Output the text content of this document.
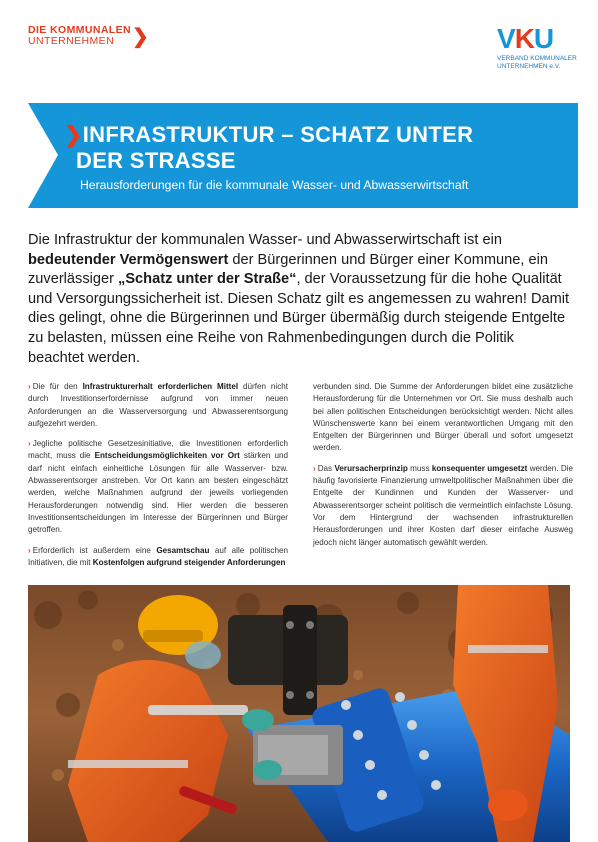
DIE KOMMUNALEN
UNTERNEHMEN ❯	VKU
VERBAND KOMMUNALER
UNTERNEHMEN e.V.
❯INFRASTRUKTUR – SCHATZ UNTER
DER STRASSE
Herausforderungen für die kommunale Wasser- und Abwasserwirtschaft
Die Infrastruktur der kommunalen Wasser- und Abwasserwirtschaft ist ein
bedeutender Vermögenswert der Bürgerinnen und Bürger einer Kommune, ein zuverlässiger „Schatz unter der Straße“, der Voraussetzung für die hohe Qualität und Versorgungssicherheit ist. Diesen Schatz gilt es angemessen zu wahren! Damit dies gelingt, ohne die Bürgerinnen und Bürger übermäßig durch steigende Entgelte zu belasten, müssen eine Reihe von Rahmenbedingungen durch die Politik beachtet werden.

› Die für den Infrastrukturerhalt erforderlichen Mittel dürfen nicht durch Investitionserfordernisse aufgrund von immer neuen Anforderungen an die Wasserversorgung und Abwasserentsorgung aufgezehrt werden.

› Jegliche politische Gesetzesinitiative, die Investitionen erforderlich macht, muss die Entscheidungsmöglichkeiten vor Ort stärken und darf nicht einfach einheitliche Lösungen für alle Wasserver- bzw. Abwasserentsorger anstreben. Vor Ort kann am besten eingeschätzt werden, welche Maßnahmen aufgrund der jeweils vorliegenden Herausforderungen notwendig sind. Hier werden die besseren Investitionsentscheidungen im Interesse der Bürgerinnen und Bürger getroffen.

› Erforderlich ist außerdem eine Gesamtschau auf alle politischen Initiativen, die mit Kostenfolgen aufgrund steigender Anforderungen

verbunden sind. Die Summe der Anforderungen bildet eine zusätzliche Herausforderung für die Unternehmen vor Ort. Sie muss deshalb auch bei allen politischen Entscheidungen berücksichtigt werden. Nicht alles Wünschenswerte kann bei einem verantwortlichen Umgang mit den Entgelten der Bürgerinnen und Bürger überall und sofort umgesetzt werden.

› Das Verursacherprinzip muss konsequenter umgesetzt werden. Die häufig favorisierte Finanzierung umweltpolitischer Maßnahmen über die Entgelte der Kundinnen und Kunden der Wasserver- und Abwasserentsorger scheint politisch die vermeintlich einfachste Lösung. Vor dem Hintergrund der wachsenden infrastrukturellen Herausforderungen und ihrer Kosten darf dieser einfache Ausweg jedoch nicht länger automatisch gewählt werden.
